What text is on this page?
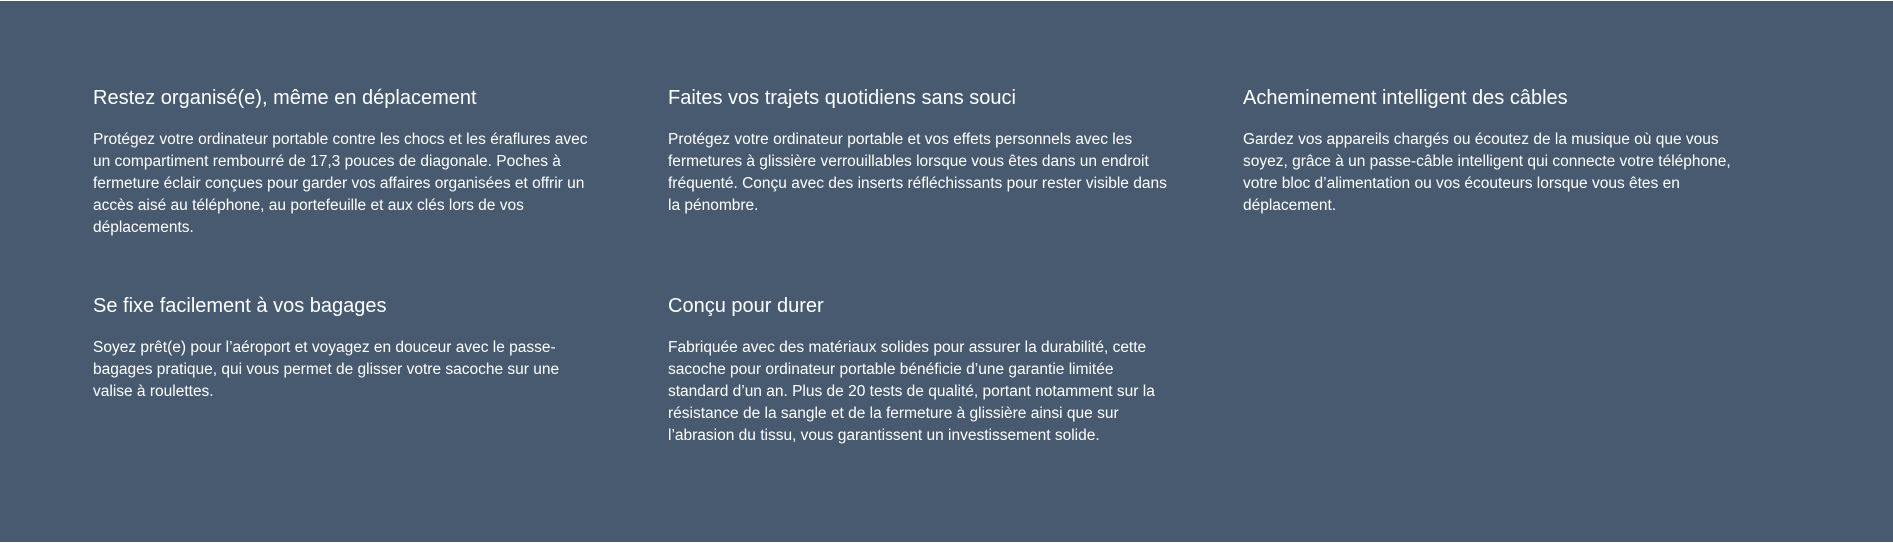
Restez organisé(e), même en déplacement

Protégez votre ordinateur portable contre les chocs et les éraflures avec un compartiment rembourré de 17,3 pouces de diagonale. Poches à fermeture éclair conçues pour garder vos affaires organisées et offrir un accès aisé au téléphone, au portefeuille et aux clés lors de vos déplacements.

Faites vos trajets quotidiens sans souci

Protégez votre ordinateur portable et vos effets personnels avec les fermetures à glissière verrouillables lorsque vous êtes dans un endroit fréquenté. Conçu avec des inserts réfléchissants pour rester visible dans la pénombre.

Acheminement intelligent des câbles

Gardez vos appareils chargés ou écoutez de la musique où que vous soyez, grâce à un passe-câble intelligent qui connecte votre téléphone, votre bloc d’alimentation ou vos écouteurs lorsque vous êtes en déplacement.

Se fixe facilement à vos bagages

Soyez prêt(e) pour l’aéroport et voyagez en douceur avec le passe-bagages pratique, qui vous permet de glisser votre sacoche sur une valise à roulettes.

Conçu pour durer

Fabriquée avec des matériaux solides pour assurer la durabilité, cette sacoche pour ordinateur portable bénéficie d’une garantie limitée standard d’un an. Plus de 20 tests de qualité, portant notamment sur la résistance de la sangle et de la fermeture à glissière ainsi que sur l’abrasion du tissu, vous garantissent un investissement solide.
